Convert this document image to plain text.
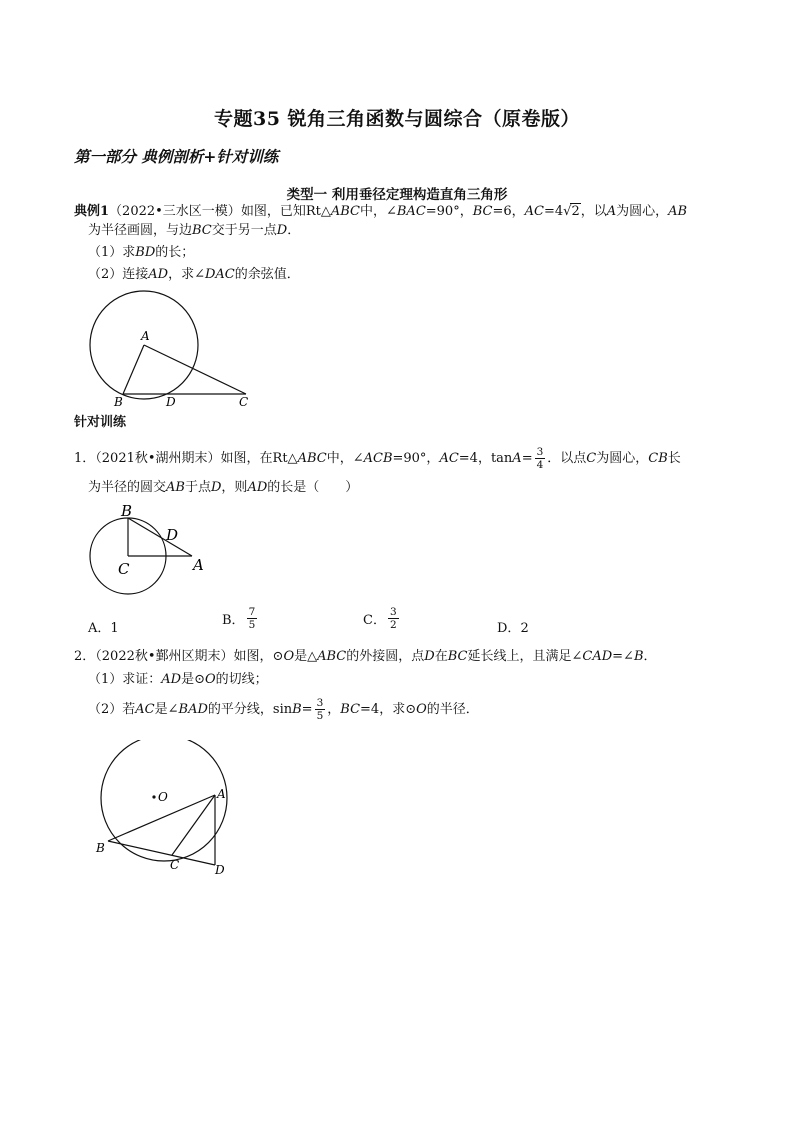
专题35 锐角三角函数与圆综合（原卷版）
第一部分 典例剖析+针对训练
类型一 利用垂径定理构造直角三角形
典例1（2022•三水区一模）如图，已知Rt△ABC中，∠BAC=90°，BC=6，AC=4√2，以A为圆心，AB
为半径画圆，与边BC交于另一点D．
（1）求BD的长；
（2）连接AD，求∠DAC的余弦值．
A
B	D	C
针对训练
1．（2021秋•湖州期末）如图，在Rt△ABC中，∠ACB=90°，AC=4，$\tan A= \frac{3}{4}$ ．以点C为圆心，CB长
为半径的圆交AB于点D，则AD的长是（　　）
B
D
C	A
A．1
B． $\frac{7}{5}$	C． $\frac{3}{2}$	D．2
2．（2022秋•鄞州区期末）如图，⊙O是△ABC的外接圆，点D在BC延长线上，且满足∠CAD=∠B．
（1）求证：AD是⊙O的切线；
（2）若AC是∠BAD的平分线，$\sin B= \frac{3}{5}$ ，BC=4，求⊙O的半径．
O	A
B
C	D
